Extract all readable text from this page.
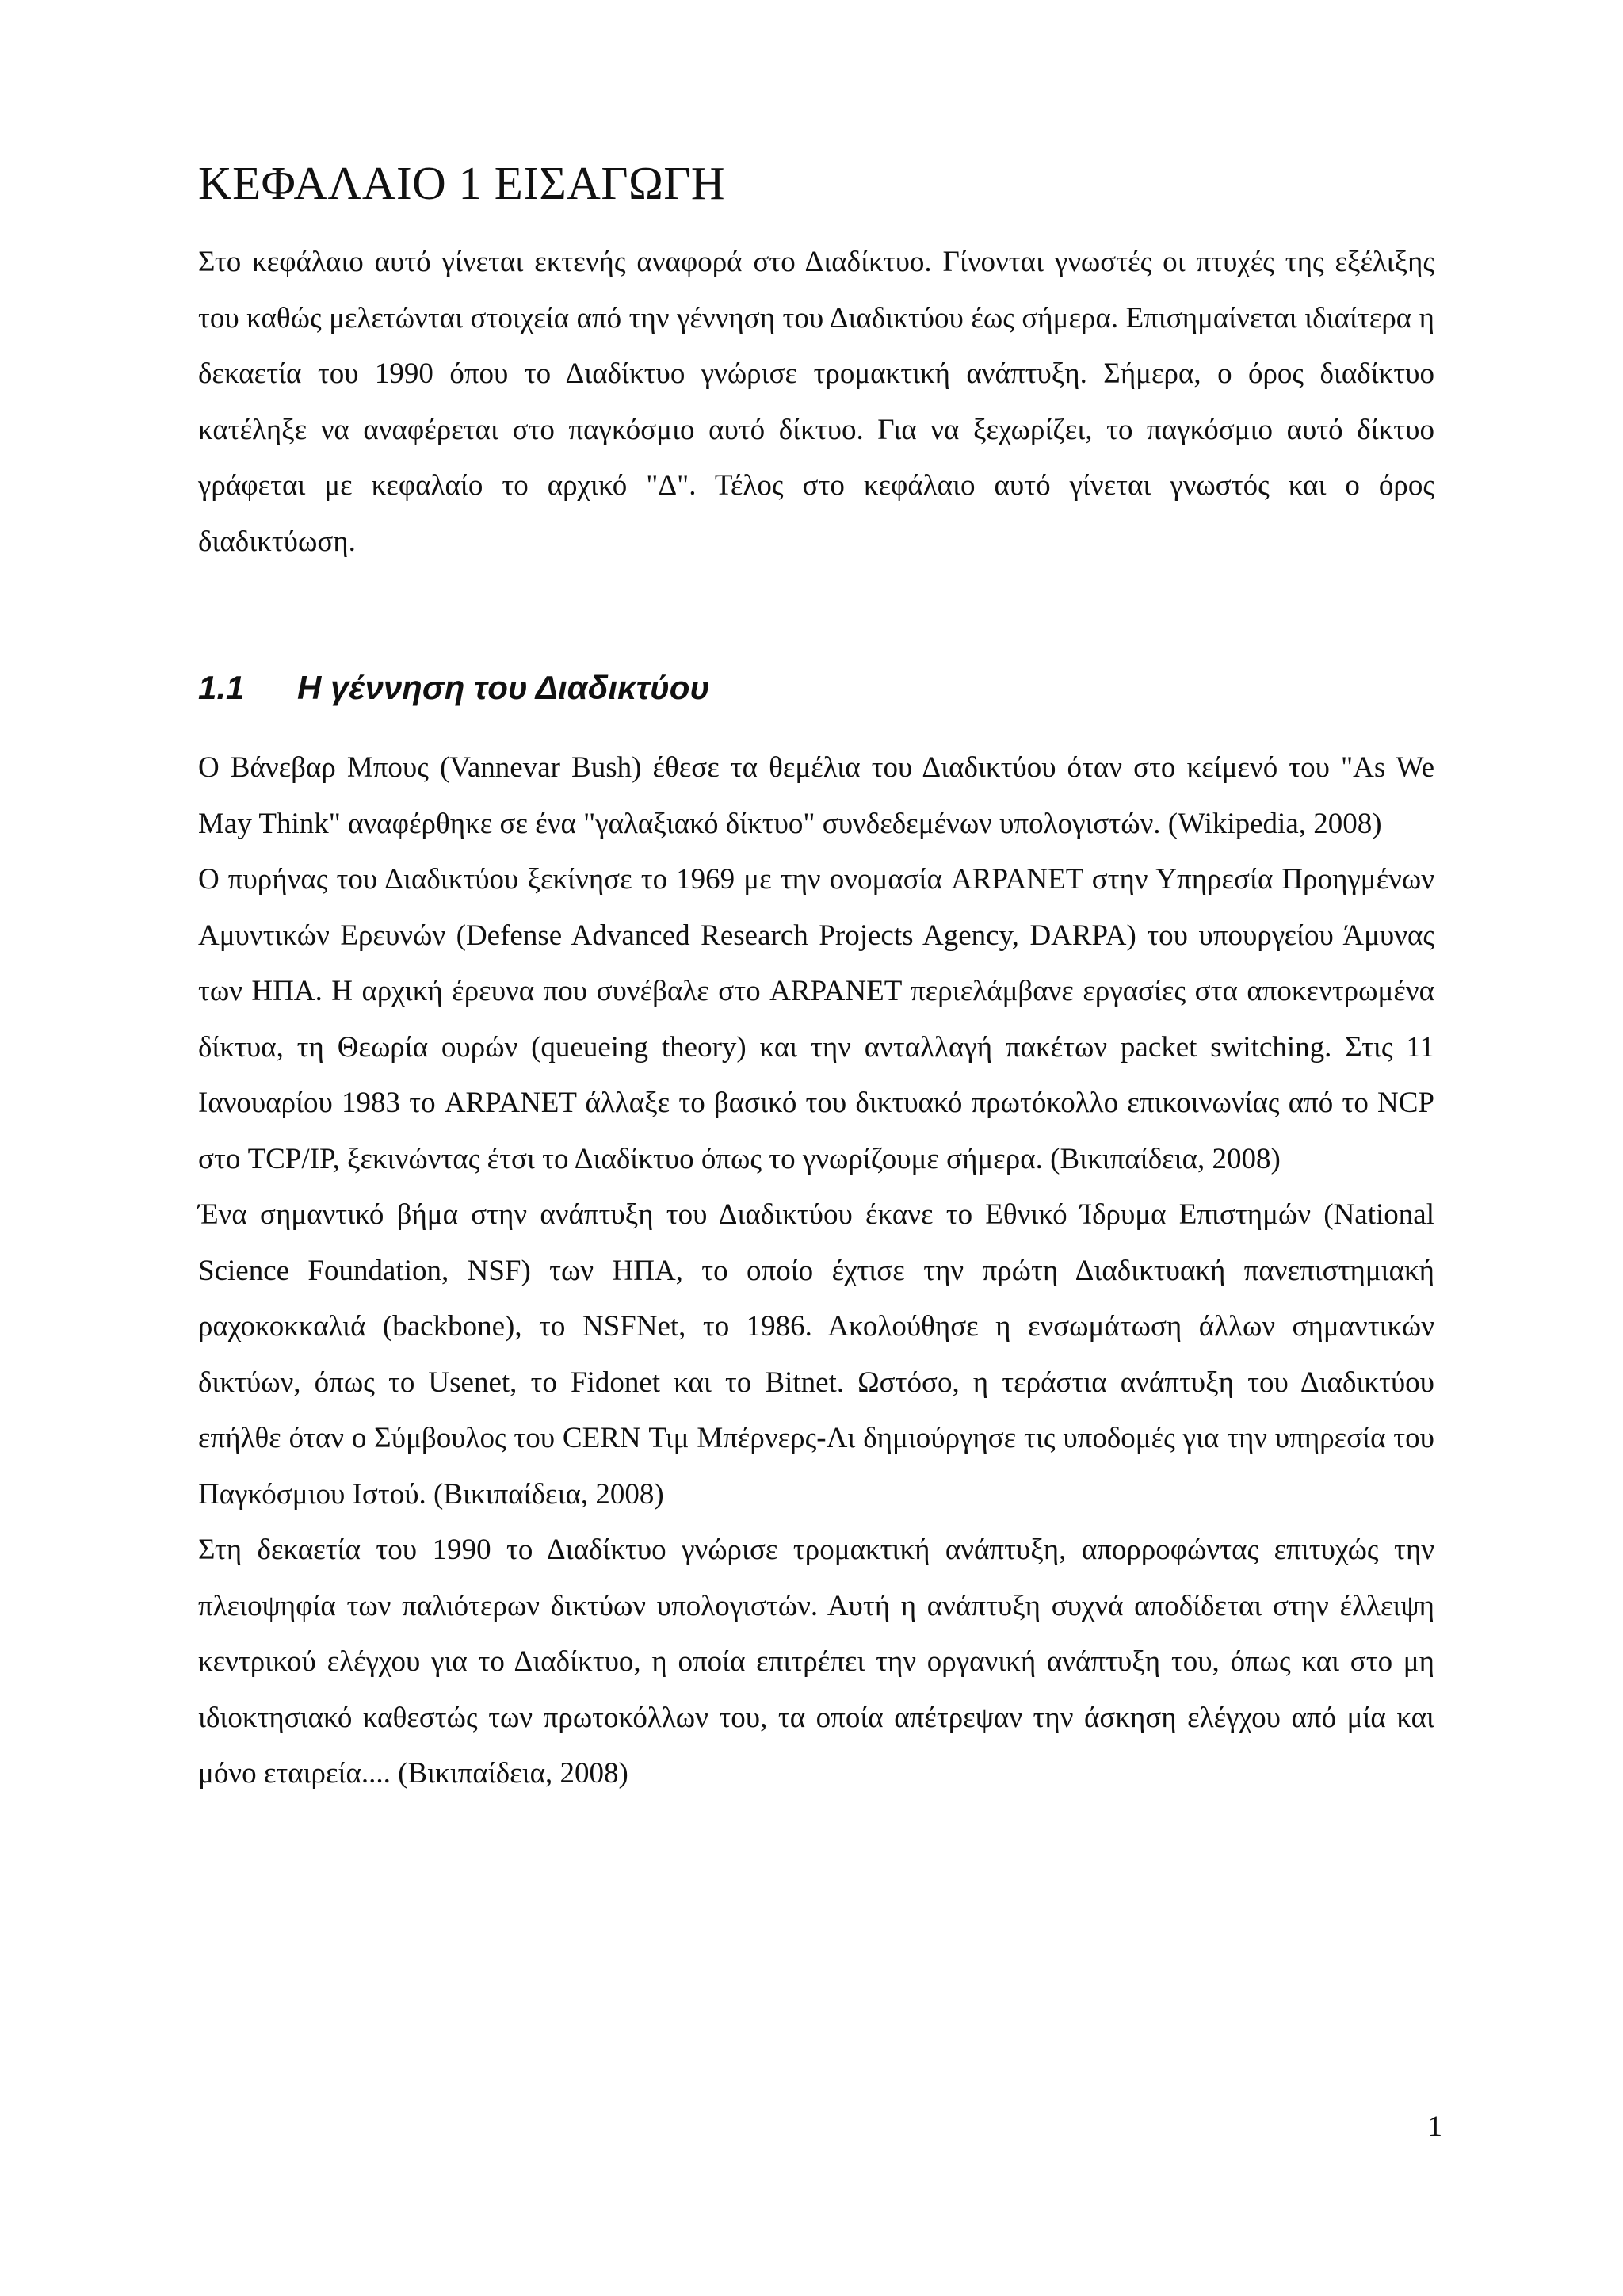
ΚΕΦΑΛΑΙΟ 1 ΕΙΣΑΓΩΓΗ

Στο κεφάλαιο αυτό γίνεται εκτενής αναφορά στο Διαδίκτυο. Γίνονται γνωστές οι πτυχές της εξέλιξης του καθώς μελετώνται στοιχεία από την γέννηση του Διαδικτύου έως σήμερα. Επισημαίνεται ιδιαίτερα η δεκαετία του 1990 όπου το Διαδίκτυο γνώρισε τρομακτική ανάπτυξη. Σήμερα, ο όρος διαδίκτυο κατέληξε να αναφέρεται στο παγκόσμιο αυτό δίκτυο. Για να ξεχωρίζει, το παγκόσμιο αυτό δίκτυο γράφεται με κεφαλαίο το αρχικό "Δ". Τέλος στο κεφάλαιο αυτό γίνεται γνωστός και ο όρος διαδικτύωση.

1.1 Η γέννηση του Διαδικτύου

Ο Βάνεβαρ Μπους (Vannevar Bush) έθεσε τα θεμέλια του Διαδικτύου όταν στο κείμενό του "As We May Think" αναφέρθηκε σε ένα "γαλαξιακό δίκτυο" συνδεδεμένων υπολογιστών. (Wikipedia, 2008)

Ο πυρήνας του Διαδικτύου ξεκίνησε το 1969 με την ονομασία ARPANET στην Υπηρεσία Προηγμένων Αμυντικών Ερευνών (Defense Advanced Research Projects Agency, DARPA) του υπουργείου Άμυνας των ΗΠΑ. Η αρχική έρευνα που συνέβαλε στο ARPANET περιελάμβανε εργασίες στα αποκεντρωμένα δίκτυα, τη Θεωρία ουρών (queueing theory) και την ανταλλαγή πακέτων packet switching. Στις 11 Ιανουαρίου 1983 το ARPANET άλλαξε το βασικό του δικτυακό πρωτόκολλο επικοινωνίας από το NCP στο TCP/IP, ξεκινώντας έτσι το Διαδίκτυο όπως το γνωρίζουμε σήμερα. (Βικιπαίδεια, 2008)

Ένα σημαντικό βήμα στην ανάπτυξη του Διαδικτύου έκανε το Εθνικό Ίδρυμα Επιστημών (National Science Foundation, NSF) των ΗΠΑ, το οποίο έχτισε την πρώτη Διαδικτυακή πανεπιστημιακή ραχοκοκκαλιά (backbone), το NSFNet, το 1986. Ακολούθησε η ενσωμάτωση άλλων σημαντικών δικτύων, όπως το Usenet, το Fidonet και το Bitnet. Ωστόσο, η τεράστια ανάπτυξη του Διαδικτύου επήλθε όταν ο Σύμβουλος του CERN Τιμ Μπέρνερς-Λι δημιούργησε τις υποδομές για την υπηρεσία του Παγκόσμιου Ιστού. (Βικιπαίδεια, 2008)

Στη δεκαετία του 1990 το Διαδίκτυο γνώρισε τρομακτική ανάπτυξη, απορροφώντας επιτυχώς την πλειοψηφία των παλιότερων δικτύων υπολογιστών. Αυτή η ανάπτυξη συχνά αποδίδεται στην έλλειψη κεντρικού ελέγχου για το Διαδίκτυο, η οποία επιτρέπει την οργανική ανάπτυξη του, όπως και στο μη ιδιοκτησιακό καθεστώς των πρωτοκόλλων του, τα οποία απέτρεψαν την άσκηση ελέγχου από μία και μόνο εταιρεία.... (Βικιπαίδεια, 2008)

1
